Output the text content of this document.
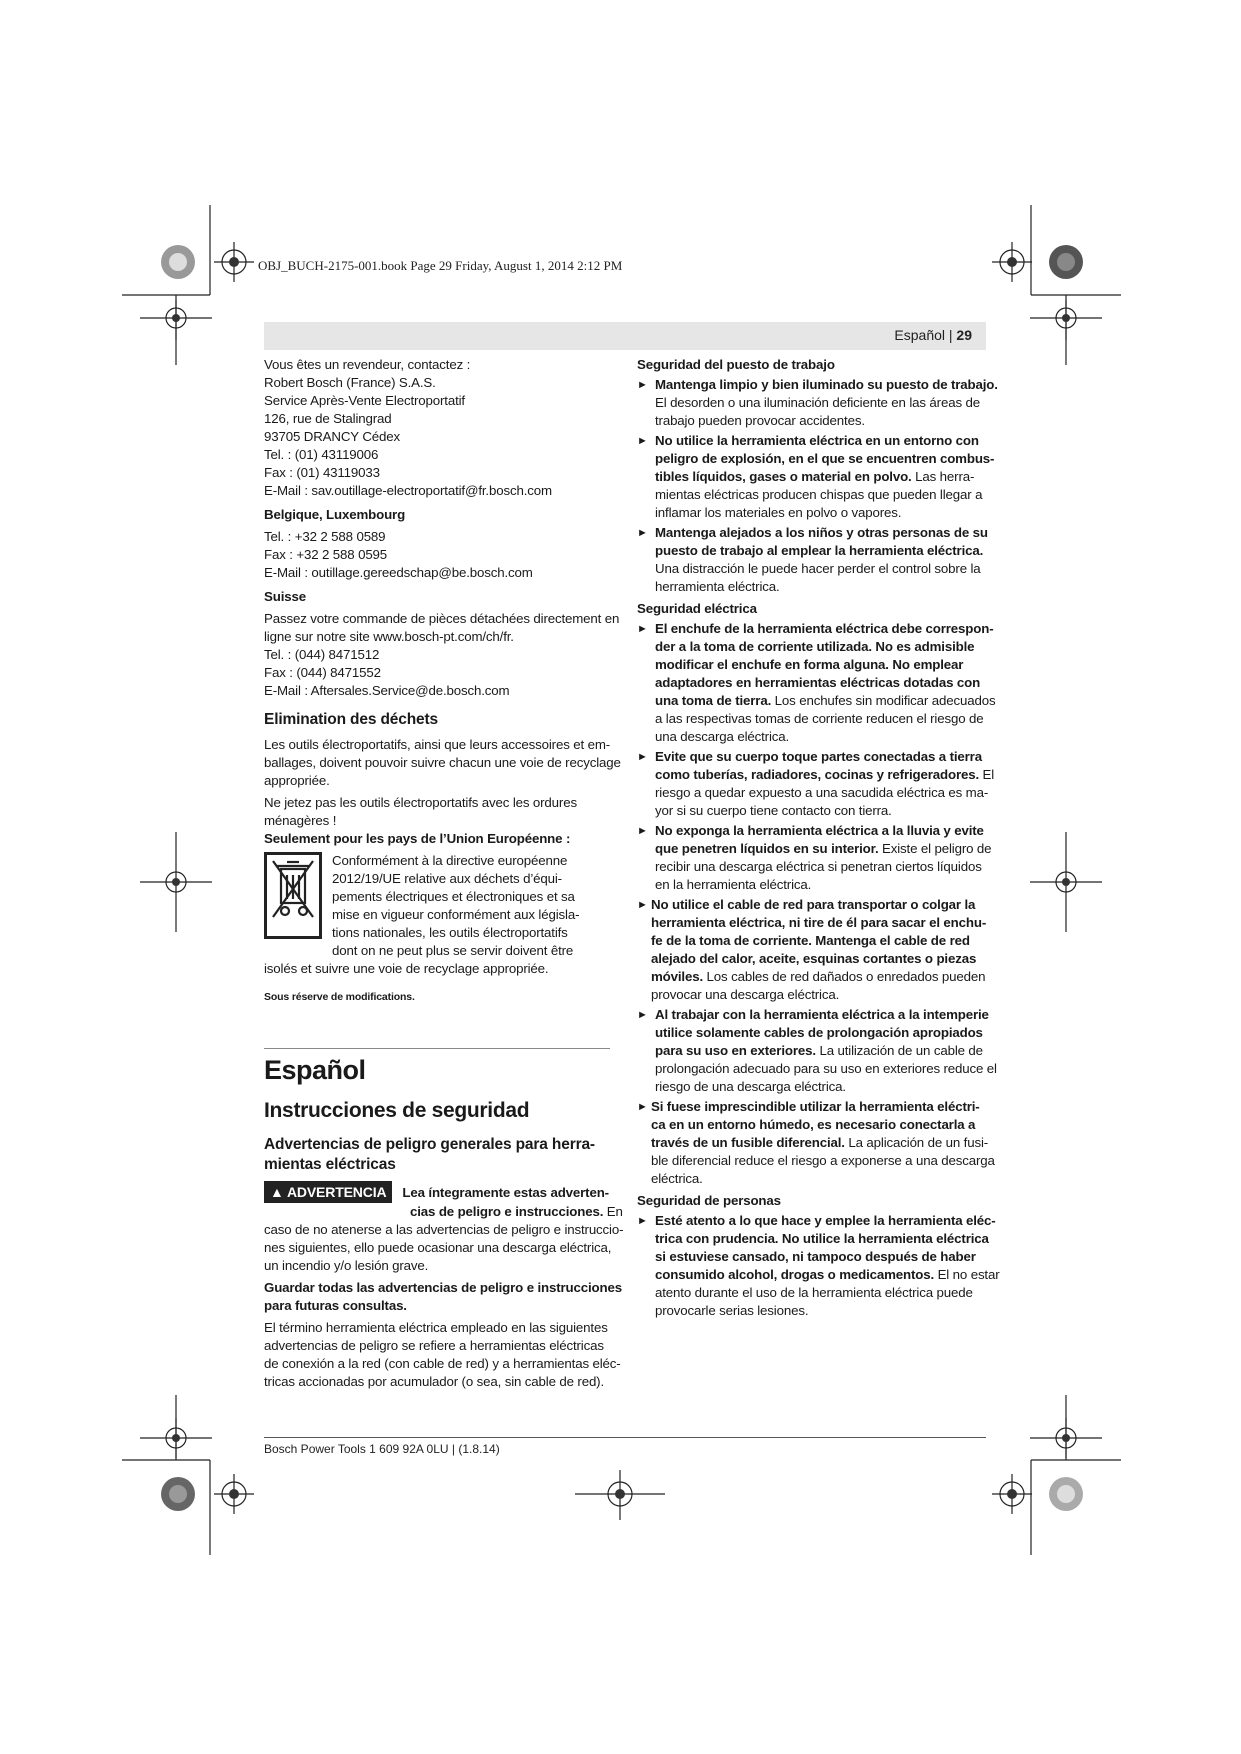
OBJ_BUCH-2175-001.book Page 29 Friday, August 1, 2014 2:12 PM
Español | 29
Vous êtes un revendeur, contactez :
Robert Bosch (France) S.A.S.
Service Après-Vente Electroportatif
126, rue de Stalingrad
93705 DRANCY Cédex
Tel. : (01) 43119006
Fax : (01) 43119033
E-Mail : sav.outillage-electroportatif@fr.bosch.com
Belgique, Luxembourg
Tel. : +32 2 588 0589
Fax : +32 2 588 0595
E-Mail : outillage.gereedschap@be.bosch.com
Suisse
Passez votre commande de pièces détachées directement en
ligne sur notre site www.bosch-pt.com/ch/fr.
Tel. : (044) 8471512
Fax : (044) 8471552
E-Mail : Aftersales.Service@de.bosch.com
Elimination des déchets
Les outils électroportatifs, ainsi que leurs accessoires et em-
ballages, doivent pouvoir suivre chacun une voie de recyclage
appropriée.
Ne jetez pas les outils électroportatifs avec les ordures
ménagères !
Seulement pour les pays de l’Union Européenne :
Conformément à la directive européenne
2012/19/UE relative aux déchets d’équi-
pements électriques et électroniques et sa
mise en vigueur conformément aux législa-
tions nationales, les outils électroportatifs
dont on ne peut plus se servir doivent être
isolés et suivre une voie de recyclage appropriée.
Sous réserve de modifications.
Español
Instrucciones de seguridad
Advertencias de peligro generales para herra-
mientas eléctricas
▲ ADVERTENCIA Lea íntegramente estas adverten-
cias de peligro e instrucciones. En
caso de no atenerse a las advertencias de peligro e instruccio-
nes siguientes, ello puede ocasionar una descarga eléctrica,
un incendio y/o lesión grave.
Guardar todas las advertencias de peligro e instrucciones
para futuras consultas.
El término herramienta eléctrica empleado en las siguientes
advertencias de peligro se refiere a herramientas eléctricas
de conexión a la red (con cable de red) y a herramientas eléc-
tricas accionadas por acumulador (o sea, sin cable de red).
Seguridad del puesto de trabajo
► Mantenga limpio y bien iluminado su puesto de trabajo.
El desorden o una iluminación deficiente en las áreas de
trabajo pueden provocar accidentes.
► No utilice la herramienta eléctrica en un entorno con
peligro de explosión, en el que se encuentren combus-
tibles líquidos, gases o material en polvo. Las herra-
mientas eléctricas producen chispas que pueden llegar a
inflamar los materiales en polvo o vapores.
► Mantenga alejados a los niños y otras personas de su
puesto de trabajo al emplear la herramienta eléctrica.
Una distracción le puede hacer perder el control sobre la
herramienta eléctrica.
Seguridad eléctrica
► El enchufe de la herramienta eléctrica debe correspon-
der a la toma de corriente utilizada. No es admisible
modificar el enchufe en forma alguna. No emplear
adaptadores en herramientas eléctricas dotadas con
una toma de tierra. Los enchufes sin modificar adecuados
a las respectivas tomas de corriente reducen el riesgo de
una descarga eléctrica.
► Evite que su cuerpo toque partes conectadas a tierra
como tuberías, radiadores, cocinas y refrigeradores. El
riesgo a quedar expuesto a una sacudida eléctrica es ma-
yor si su cuerpo tiene contacto con tierra.
► No exponga la herramienta eléctrica a la lluvia y evite
que penetren líquidos en su interior. Existe el peligro de
recibir una descarga eléctrica si penetran ciertos líquidos
en la herramienta eléctrica.
► No utilice el cable de red para transportar o colgar la
herramienta eléctrica, ni tire de él para sacar el enchu-
fe de la toma de corriente. Mantenga el cable de red
alejado del calor, aceite, esquinas cortantes o piezas
móviles. Los cables de red dañados o enredados pueden
provocar una descarga eléctrica.
► Al trabajar con la herramienta eléctrica a la intemperie
utilice solamente cables de prolongación apropiados
para su uso en exteriores. La utilización de un cable de
prolongación adecuado para su uso en exteriores reduce el
riesgo de una descarga eléctrica.
► Si fuese imprescindible utilizar la herramienta eléctri-
ca en un entorno húmedo, es necesario conectarla a
través de un fusible diferencial. La aplicación de un fusi-
ble diferencial reduce el riesgo a exponerse a una descarga
eléctrica.
Seguridad de personas
► Esté atento a lo que hace y emplee la herramienta eléc-
trica con prudencia. No utilice la herramienta eléctrica
si estuviese cansado, ni tampoco después de haber
consumido alcohol, drogas o medicamentos. El no estar
atento durante el uso de la herramienta eléctrica puede
provocarle serias lesiones.
Bosch Power Tools 1 609 92A 0LU | (1.8.14)
